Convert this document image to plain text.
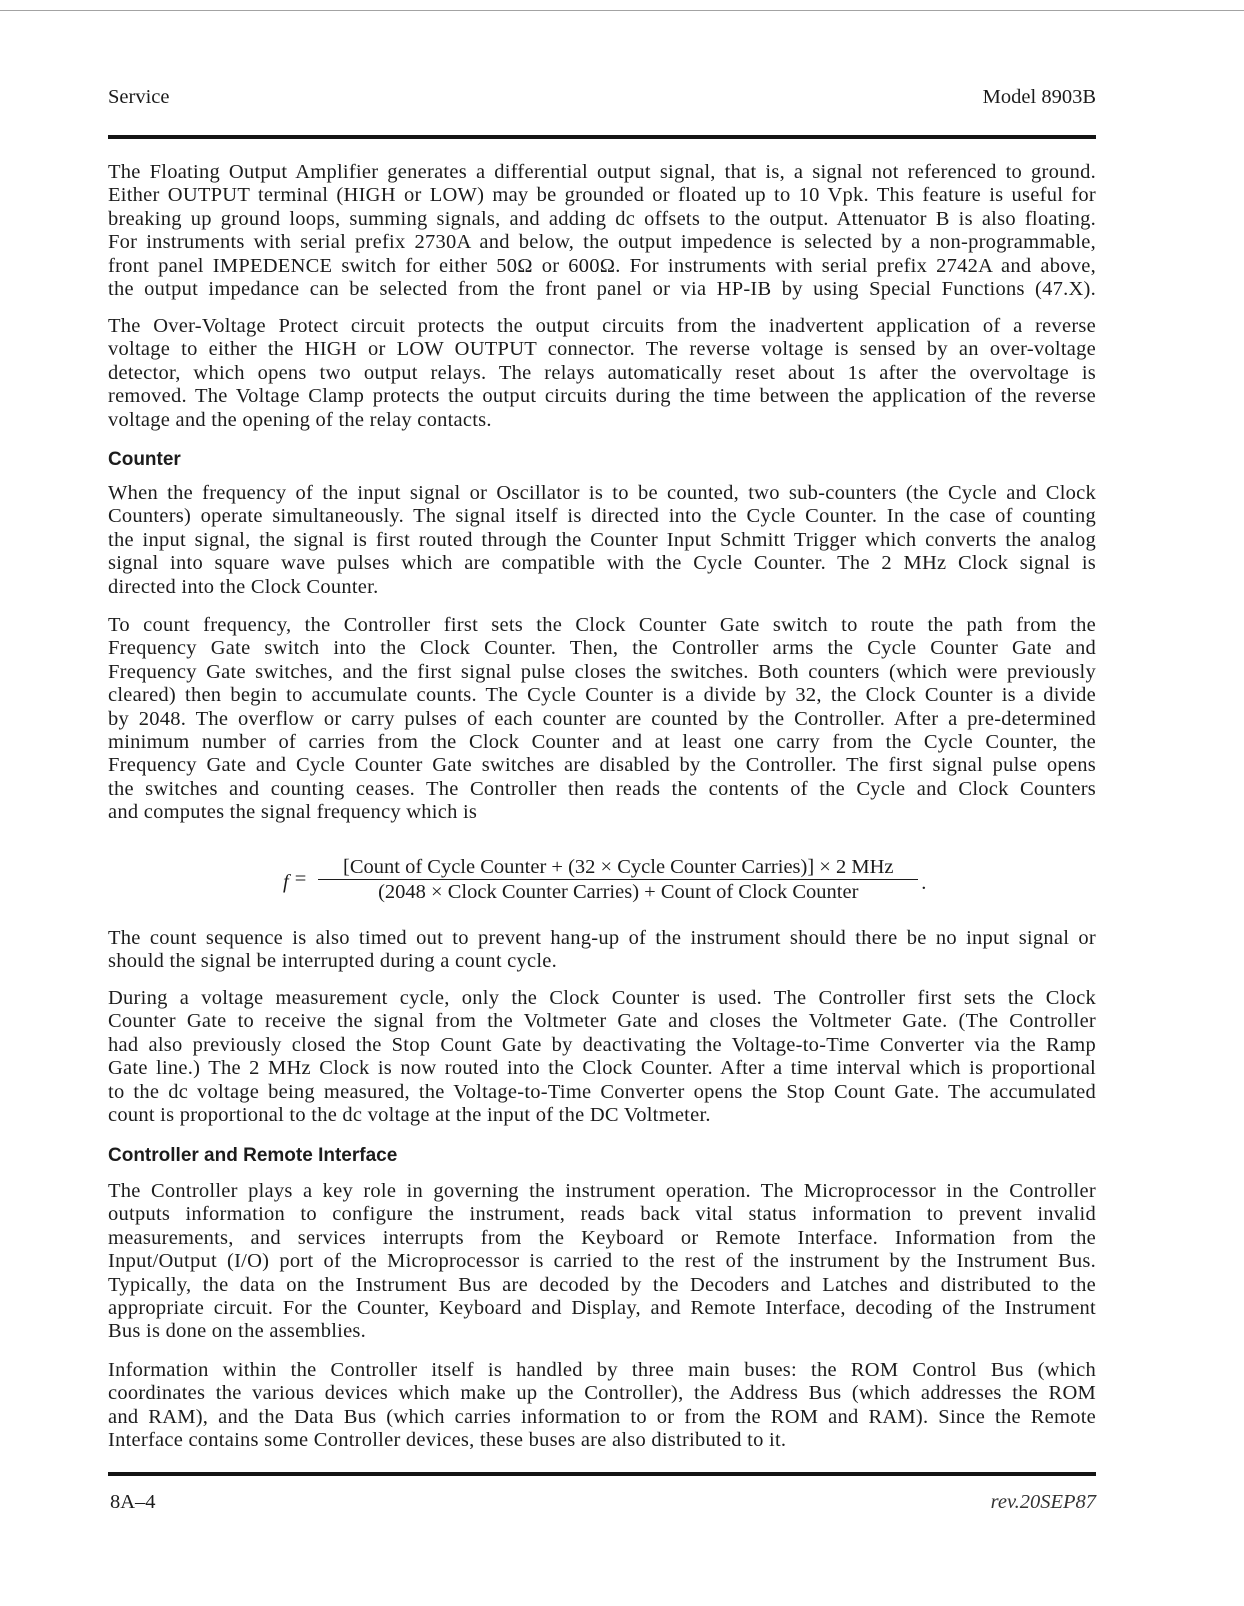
Service	Model 8903B
The Floating Output Amplifier generates a differential output signal, that is, a signal not referenced to ground.
Either OUTPUT terminal (HIGH or LOW) may be grounded or floated up to 10 Vpk. This feature is useful for
breaking up ground loops, summing signals, and adding dc offsets to the output. Attenuator B is also floating.
For instruments with serial prefix 2730A and below, the output impedence is selected by a non-programmable,
front panel IMPEDENCE switch for either 50Ω or 600Ω. For instruments with serial prefix 2742A and above,
the output impedance can be selected from the front panel or via HP-IB by using Special Functions (47.X).
The Over-Voltage Protect circuit protects the output circuits from the inadvertent application of a reverse
voltage to either the HIGH or LOW OUTPUT connector. The reverse voltage is sensed by an over-voltage
detector, which opens two output relays. The relays automatically reset about 1s after the overvoltage is
removed. The Voltage Clamp protects the output circuits during the time between the application of the reverse
voltage and the opening of the relay contacts.
Counter
When the frequency of the input signal or Oscillator is to be counted, two sub-counters (the Cycle and Clock
Counters) operate simultaneously. The signal itself is directed into the Cycle Counter. In the case of counting
the input signal, the signal is first routed through the Counter Input Schmitt Trigger which converts the analog
signal into square wave pulses which are compatible with the Cycle Counter. The 2 MHz Clock signal is
directed into the Clock Counter.
To count frequency, the Controller first sets the Clock Counter Gate switch to route the path from the
Frequency Gate switch into the Clock Counter. Then, the Controller arms the Cycle Counter Gate and
Frequency Gate switches, and the first signal pulse closes the switches. Both counters (which were previously
cleared) then begin to accumulate counts. The Cycle Counter is a divide by 32, the Clock Counter is a divide
by 2048. The overflow or carry pulses of each counter are counted by the Controller. After a pre-determined
minimum number of carries from the Clock Counter and at least one carry from the Cycle Counter, the
Frequency Gate and Cycle Counter Gate switches are disabled by the Controller. The first signal pulse opens
the switches and counting ceases. The Controller then reads the contents of the Cycle and Clock Counters
and computes the signal frequency which is
f =
[Count of Cycle Counter + (32 × Cycle Counter Carries)] × 2 MHz
(2048 × Clock Counter Carries) + Count of Clock Counter	.
The count sequence is also timed out to prevent hang-up of the instrument should there be no input signal or
should the signal be interrupted during a count cycle.
During a voltage measurement cycle, only the Clock Counter is used. The Controller first sets the Clock
Counter Gate to receive the signal from the Voltmeter Gate and closes the Voltmeter Gate. (The Controller
had also previously closed the Stop Count Gate by deactivating the Voltage-to-Time Converter via the Ramp
Gate line.) The 2 MHz Clock is now routed into the Clock Counter. After a time interval which is proportional
to the dc voltage being measured, the Voltage-to-Time Converter opens the Stop Count Gate. The accumulated
count is proportional to the dc voltage at the input of the DC Voltmeter.
Controller and Remote Interface
The Controller plays a key role in governing the instrument operation. The Microprocessor in the Controller
outputs information to configure the instrument, reads back vital status information to prevent invalid
measurements, and services interrupts from the Keyboard or Remote Interface. Information from the
Input/Output (I/O) port of the Microprocessor is carried to the rest of the instrument by the Instrument Bus.
Typically, the data on the Instrument Bus are decoded by the Decoders and Latches and distributed to the
appropriate circuit. For the Counter, Keyboard and Display, and Remote Interface, decoding of the Instrument
Bus is done on the assemblies.
Information within the Controller itself is handled by three main buses: the ROM Control Bus (which
coordinates the various devices which make up the Controller), the Address Bus (which addresses the ROM
and RAM), and the Data Bus (which carries information to or from the ROM and RAM). Since the Remote
Interface contains some Controller devices, these buses are also distributed to it.
8A–4	rev.20SEP87
